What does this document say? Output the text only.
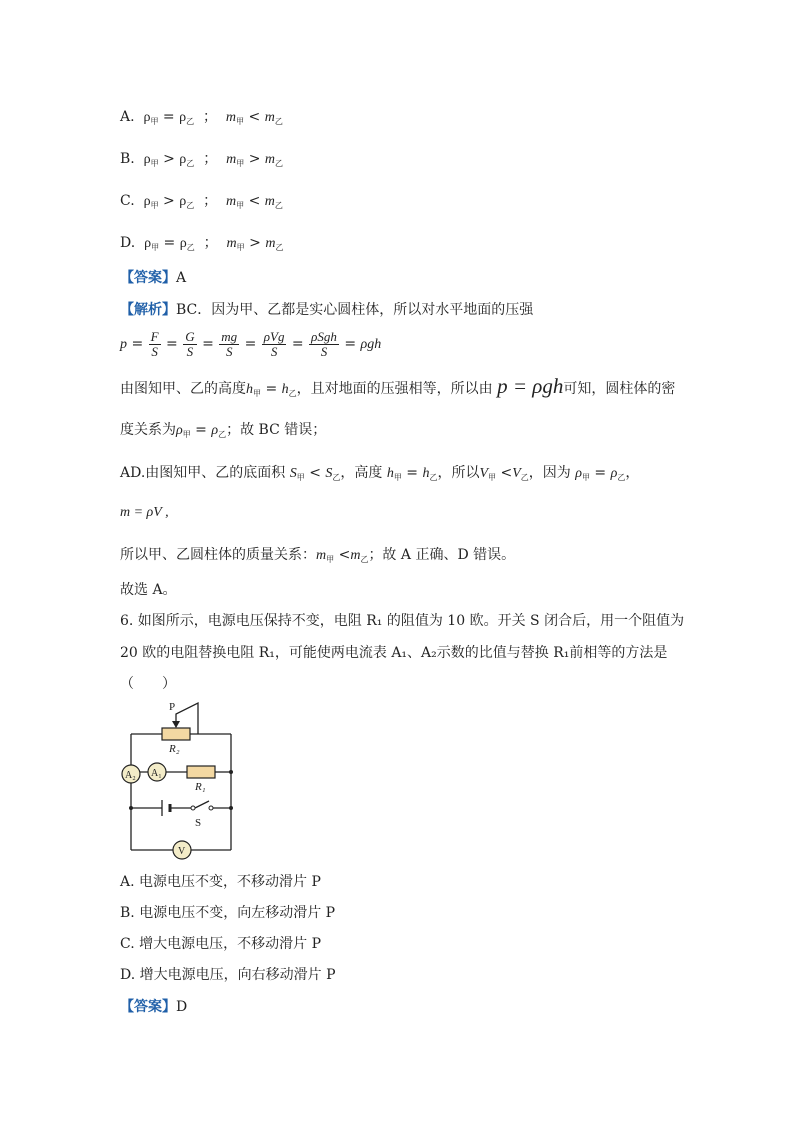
A. $\rho_甲 = \rho_乙$ ； $m_甲 < m_乙$
B. $\rho_甲 > \rho_乙$ ； $m_甲 > m_乙$
C. $\rho_甲 > \rho_乙$ ； $m_甲 < m_乙$
D. $\rho_甲 = \rho_乙$ ； $m_甲 > m_乙$
【答案】A
【解析】BC．因为甲、乙都是实心圆柱体，所以对水平地面的压强
$p = \frac{F}{S} = \frac{G}{S} = \frac{mg}{S} = \frac{\text{ρVg}}{S} = \frac{\text{ρSgh}}{S} = \rho gh$
由图知甲、乙的高度$h_甲 = h_乙$，且对地面的压强相等，所以由 p = ρgh可知，圆柱体的密
度关系为$\rho_甲 = \rho_乙$；故 BC 错误；
AD.由图知甲、乙的底面积 $S_甲 < S_乙$，高度 $h_甲 = h_乙$，所以$V_甲 <V_乙$，因为 $\rho_甲 = \rho_乙$，
m = ρV ,
所以甲、乙圆柱体的质量关系：$m_甲 <m_乙$；故 A 正确、D 错误。
故选 A。
6. 如图所示，电源电压保持不变，电阻 R₁ 的阻值为 10 欧。开关 S 闭合后，用一个阻值为
20 欧的电阻替换电阻 R₁，可能使两电流表 A₁、A₂示数的比值与替换 R₁前相等的方法是
（　　）
P
R₂
A₁
R₁
A₂
S
V
A. 电源电压不变，不移动滑片 P
B. 电源电压不变，向左移动滑片 P
C. 增大电源电压，不移动滑片 P
D. 增大电源电压，向右移动滑片 P
【答案】D
